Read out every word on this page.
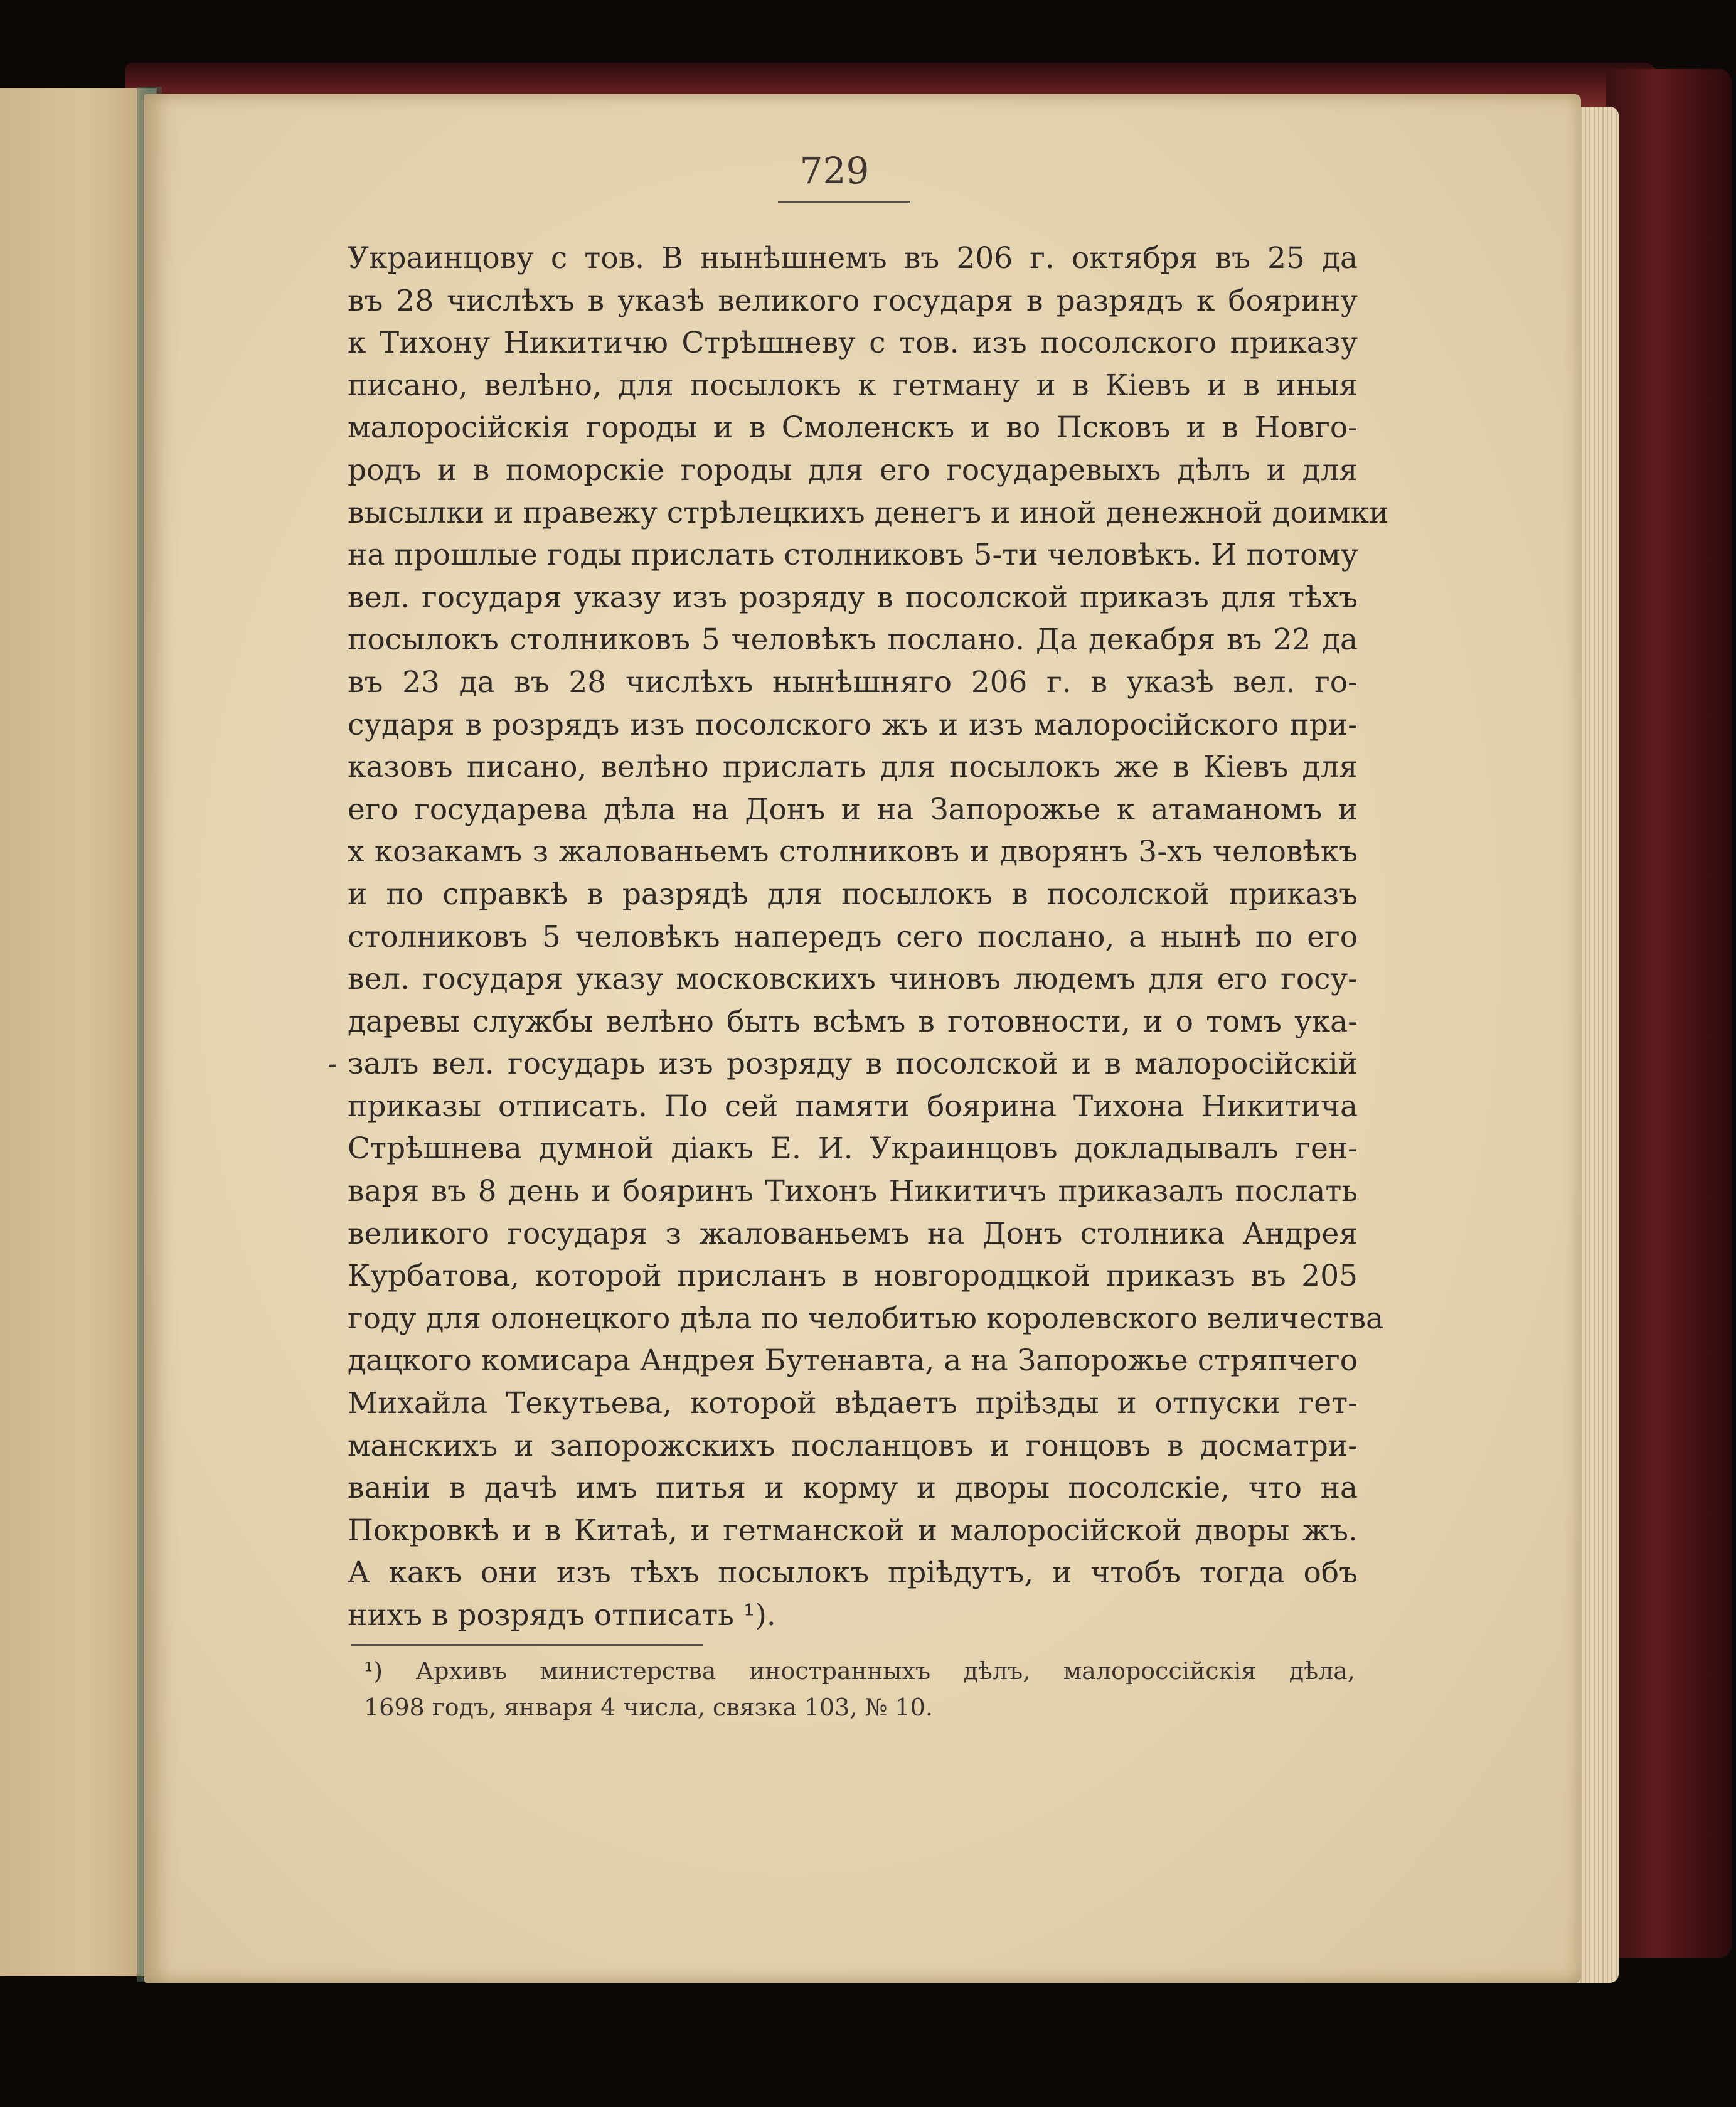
729
-
Украинцову с тов. В нынѣшнемъ въ 206 г. октября въ 25 да
въ 28 числѣхъ в указѣ великого государя в разрядъ к боярину
к Тихону Никитичю Стрѣшневу с тов. изъ посолского приказу
писано, велѣно, для посылокъ к гетману и в Кіевъ и в иныя
малоросійскія городы и в Смоленскъ и во Псковъ и в Новго-
родъ и в поморскіе городы для его государевыхъ дѣлъ и для
высылки и правежу стрѣлецкихъ денегъ и иной денежной доимки
на прошлые годы прислать столниковъ 5-ти человѣкъ. И потому
вел. государя указу изъ розряду в посолской приказъ для тѣхъ
посылокъ столниковъ 5 человѣкъ послано. Да декабря въ 22 да
въ 23 да въ 28 числѣхъ нынѣшняго 206 г. в указѣ вел. го-
сударя в розрядъ изъ посолского жъ и изъ малоросійского при-
казовъ писано, велѣно прислать для посылокъ же в Кіевъ для
его государева дѣла на Донъ и на Запорожье к атаманомъ и
х козакамъ з жалованьемъ столниковъ и дворянъ 3-хъ человѣкъ
и по справкѣ в разрядѣ для посылокъ в посолской приказъ
столниковъ 5 человѣкъ напередъ сего послано, а нынѣ по его
вел. государя указу московскихъ чиновъ людемъ для его госу-
даревы службы велѣно быть всѣмъ в готовности, и о томъ ука-
залъ вел. государь изъ розряду в посолской и в малоросійскій
приказы отписать. По сей памяти боярина Тихона Никитича
Стрѣшнева думной діакъ Е. И. Украинцовъ докладывалъ ген-
варя въ 8 день и бояринъ Тихонъ Никитичъ приказалъ послать
великого государя з жалованьемъ на Донъ столника Андрея
Курбатова, которой присланъ в новгородцкой приказъ въ 205
году для олонецкого дѣла по челобитью королевского величества
дацкого комисара Андрея Бутенавта, а на Запорожье стряпчего
Михайла Текутьева, которой вѣдаетъ пріѣзды и отпуски гет-
манскихъ и запорожскихъ посланцовъ и гонцовъ в досматри-
ваніи в дачѣ имъ питья и корму и дворы посолскіе, что на
Покровкѣ и в Китаѣ, и гетманской и малоросійской дворы жъ.
А какъ они изъ тѣхъ посылокъ пріѣдутъ, и чтобъ тогда объ
нихъ в розрядъ отписать ¹).
¹) Архивъ министерства иностранныхъ дѣлъ, малороссійскія дѣла,
1698 годъ, января 4 числа, связка 103, № 10.
